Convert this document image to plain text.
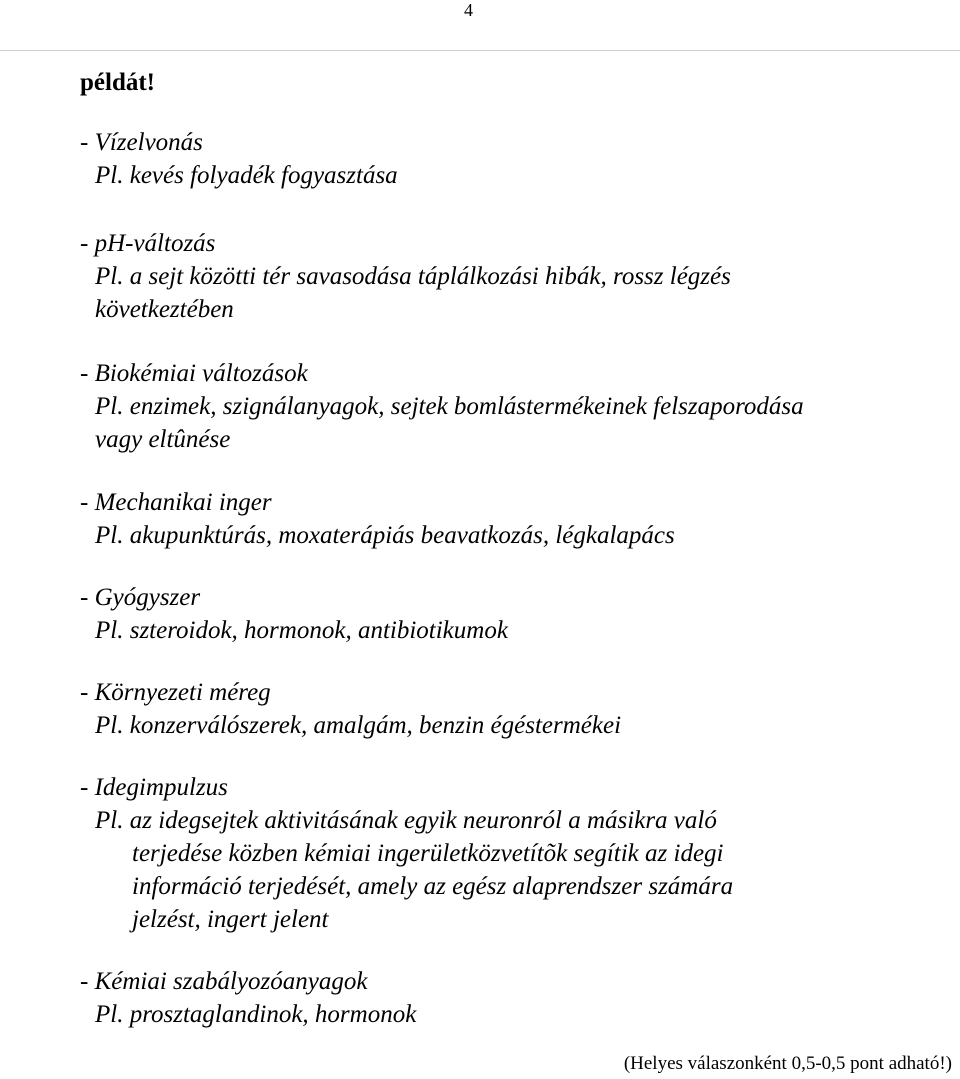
4
példát!
- Vízelvonás
Pl. kevés folyadék fogyasztása
- pH-változás
Pl. a sejt közötti tér savasodása táplálkozási hibák, rossz légzés
következtében
- Biokémiai változások
Pl. enzimek, szignálanyagok, sejtek bomlástermékeinek felszaporodása
vagy eltûnése
- Mechanikai inger
Pl. akupunktúrás, moxaterápiás beavatkozás, légkalapács
- Gyógyszer
Pl. szteroidok, hormonok, antibiotikumok
- Környezeti méreg
Pl. konzerválószerek, amalgám, benzin égéstermékei
- Idegimpulzus
Pl. az idegsejtek aktivitásának egyik neuronról a másikra való
terjedése közben kémiai ingerületközvetítõk segítik az idegi
információ terjedését, amely az egész alaprendszer számára
jelzést, ingert jelent
- Kémiai szabályozóanyagok
Pl. prosztaglandinok, hormonok
(Helyes válaszonként 0,5-0,5 pont adható!)
